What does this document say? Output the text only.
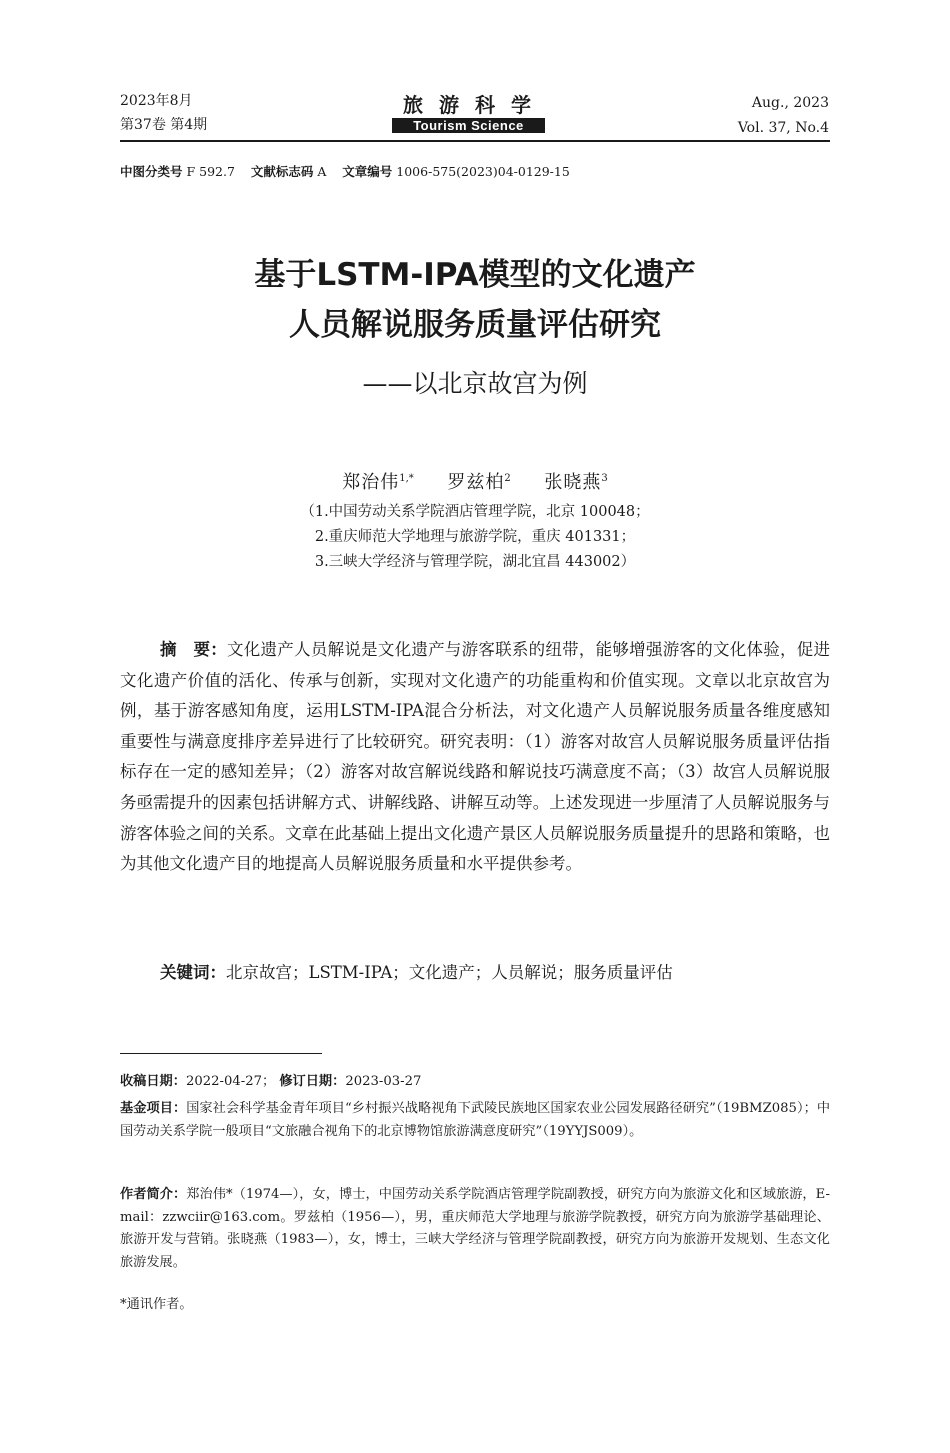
2023年8月
第37卷 第4期
旅游科学
Tourism Science
Aug., 2023
Vol. 37, No.4
中图分类号 F 592.7 文献标志码 A 文章编号 1006-575(2023)04-0129-15
基于LSTM-IPA模型的文化遗产
人员解说服务质量评估研究
——以北京故宫为例
郑治伟$^{1,*}$ 罗兹柏$^2$ 张晓燕$^3$
（1.中国劳动关系学院酒店管理学院，北京 100048；
2.重庆师范大学地理与旅游学院，重庆 401331；
3.三峡大学经济与管理学院，湖北宜昌 443002）
摘　要：文化遗产人员解说是文化遗产与游客联系的纽带，能够增强游客的文化体验，促进文化遗产价值的活化、传承与创新，实现对文化遗产的功能重构和价值实现。文章以北京故宫为例，基于游客感知角度，运用LSTM-IPA混合分析法，对文化遗产人员解说服务质量各维度感知重要性与满意度排序差异进行了比较研究。研究表明：（1）游客对故宫人员解说服务质量评估指标存在一定的感知差异；（2）游客对故宫解说线路和解说技巧满意度不高；（3）故宫人员解说服务亟需提升的因素包括讲解方式、讲解线路、讲解互动等。上述发现进一步厘清了人员解说服务与游客体验之间的关系。文章在此基础上提出文化遗产景区人员解说服务质量提升的思路和策略，也为其他文化遗产目的地提高人员解说服务质量和水平提供参考。
关键词：北京故宫；LSTM-IPA；文化遗产；人员解说；服务质量评估
收稿日期：2022-04-27； 修订日期：2023-03-27
基金项目：国家社会科学基金青年项目“乡村振兴战略视角下武陵民族地区国家农业公园发展路径研究”（19BMZ085）；中国劳动关系学院一般项目“文旅融合视角下的北京博物馆旅游满意度研究”（19YYJS009）。
作者简介：郑治伟*（1974—），女，博士，中国劳动关系学院酒店管理学院副教授，研究方向为旅游文化和区域旅游，E-mail：zzwciir@163.com。罗兹柏（1956—），男，重庆师范大学地理与旅游学院教授，研究方向为旅游学基础理论、旅游开发与营销。张晓燕（1983—），女，博士，三峡大学经济与管理学院副教授，研究方向为旅游开发规划、生态文化旅游发展。
*通讯作者。
